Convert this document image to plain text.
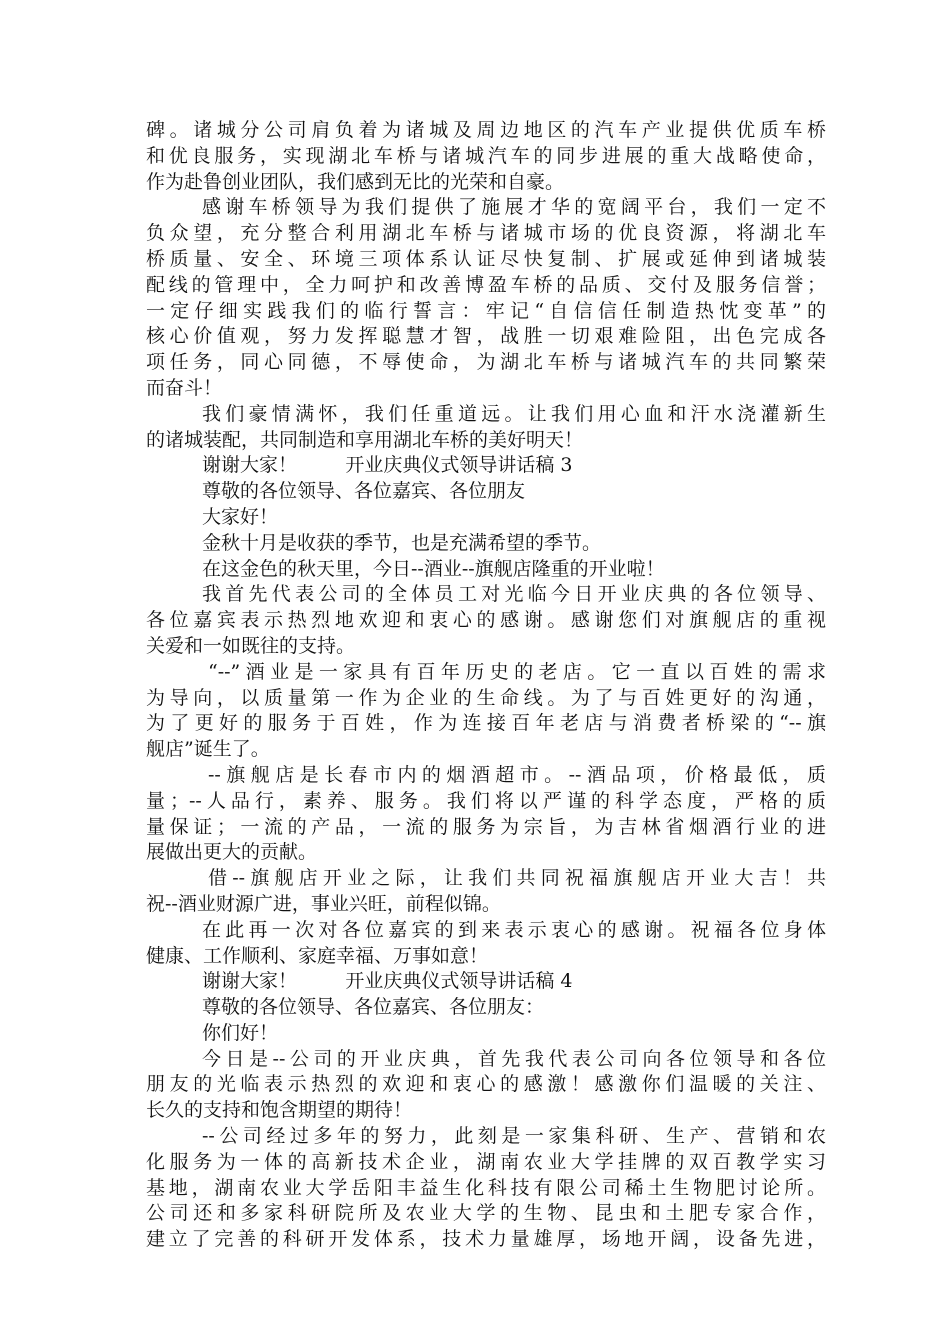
碑。诸城分公司肩负着为诸城及周边地区的汽车产业提供优质车桥
和优良服务，实现湖北车桥与诸城汽车的同步进展的重大战略使命，
作为赴鲁创业团队，我们感到无比的光荣和自豪。
感谢车桥领导为我们提供了施展才华的宽阔平台，我们一定不
负众望，充分整合利用湖北车桥与诸城市场的优良资源，将湖北车
桥质量、安全、环境三项体系认证尽快复制、扩展或延伸到诸城装
配线的管理中，全力呵护和改善博盈车桥的品质、交付及服务信誉；
一定仔细实践我们的临行誓言：牢记“自信信任制造热忱变革”的
核心价值观，努力发挥聪慧才智，战胜一切艰难险阻，出色完成各
项任务，同心同德，不辱使命，为湖北车桥与诸城汽车的共同繁荣
而奋斗！
我们豪情满怀，我们任重道远。让我们用心血和汗水浇灌新生
的诸城装配，共同制造和享用湖北车桥的美好明天！
谢谢大家！        开业庆典仪式领导讲话稿 3
尊敬的各位领导、各位嘉宾、各位朋友
大家好！
金秋十月是收获的季节，也是充满希望的季节。
在这金色的秋天里，今日--酒业--旗舰店隆重的开业啦！
我首先代表公司的全体员工对光临今日开业庆典的各位领导、
各位嘉宾表示热烈地欢迎和衷心的感谢。感谢您们对旗舰店的重视
关爱和一如既往的支持。
“--”酒业是一家具有百年历史的老店。它一直以百姓的需求
为导向，以质量第一作为企业的生命线。为了与百姓更好的沟通，
为了更好的服务于百姓，作为连接百年老店与消费者桥梁的“--旗
舰店”诞生了。
--旗舰店是长春市内的烟酒超市。--酒品项，价格最低，质
量；--人品行，素养、服务。我们将以严谨的科学态度，严格的质
量保证；一流的产品，一流的服务为宗旨，为吉林省烟酒行业的进
展做出更大的贡献。
借--旗舰店开业之际，让我们共同祝福旗舰店开业大吉！共
祝--酒业财源广进，事业兴旺，前程似锦。
在此再一次对各位嘉宾的到来表示衷心的感谢。祝福各位身体
健康、工作顺利、家庭幸福、万事如意！
谢谢大家！        开业庆典仪式领导讲话稿 4
尊敬的各位领导、各位嘉宾、各位朋友：
你们好！
今日是--公司的开业庆典，首先我代表公司向各位领导和各位
朋友的光临表示热烈的欢迎和衷心的感激！感激你们温暖的关注、
长久的支持和饱含期望的期待！
--公司经过多年的努力，此刻是一家集科研、生产、营销和农
化服务为一体的高新技术企业，湖南农业大学挂牌的双百教学实习
基地，湖南农业大学岳阳丰益生化科技有限公司稀土生物肥讨论所。
公司还和多家科研院所及农业大学的生物、昆虫和土肥专家合作，
建立了完善的科研开发体系，技术力量雄厚，场地开阔，设备先进，
